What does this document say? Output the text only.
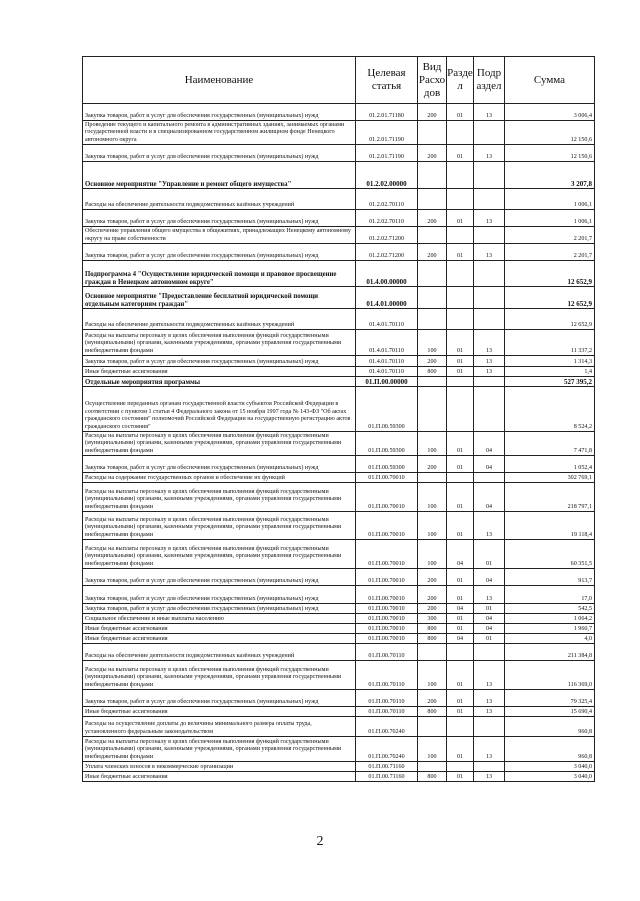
Наименование	Целевая статья	Вид Расхо дов	Разде л	Подр аздел	Сумма
Закупка товаров, работ и услуг для обеспечения государственных (муниципальных) нужд	01.2.01.71180	200	01	13	3 006,4
Проведение текущего и капитального ремонта в административных зданиях, занимаемых органами государственной власти и в специализированном государственном жилищном фонде Ненецкого автономного округа	01.2.01.71190				12 150,6
Закупка товаров, работ и услуг для обеспечения государственных (муниципальных) нужд	01.2.01.71190	200	01	13	12 150,6
Основное мероприятие "Управление и ремонт общего имущества"	01.2.02.00000				3 207,8
Расходы на обеспечение деятельности подведомственных казённых учреждений	01.2.02.70110				1 006,1
Закупка товаров, работ и услуг для обеспечения государственных (муниципальных) нужд	01.2.02.70110	200	01	13	1 006,1
Обеспечение управления общего имущества в общежитиях, принадлежащих Ненецкому автономному округу на праве собственности	01.2.02.71200				2 201,7
Закупка товаров, работ и услуг для обеспечения государственных (муниципальных) нужд	01.2.02.71200	200	01	13	2 201,7
Подпрограмма 4 "Осуществление юридической помощи и правовое просвещение граждан в Ненецком автономном округе"	01.4.00.00000				12 652,9
Основное мероприятие "Предоставление бесплатной юридической помощи отдельным категориям граждан"	01.4.01.00000				12 652,9
Расходы на обеспечение деятельности подведомственных казённых учреждений	01.4.01.70110				12 652,9
Расходы на выплаты персоналу в целях обеспечения выполнения функций государственными (муниципальными) органами, казенными учреждениями, органами управления государственными внебюджетными фондами	01.4.01.70110	100	01	13	11 337,2
Закупка товаров, работ и услуг для обеспечения государственных (муниципальных) нужд	01.4.01.70110	200	01	13	1 314,3
Иные бюджетные ассигнования	01.4.01.70110	800	01	13	1,4
Отдельные мероприятия программы	01.П.00.00000				527 395,2
Осуществление переданных органам государственной власти субъектов Российской Федерации в соответствии с пунктом 1 статьи 4 Федерального закона от 15 ноября 1997 года № 143-ФЗ "Об актах гражданского состояния" полномочий Российской Федерации на государственную регистрацию актов гражданского состояния"	01.П.00.59300				8 524,2
Расходы на выплаты персоналу в целях обеспечения выполнения функций государственными (муниципальными) органами, казенными учреждениями, органами управления государственными внебюджетными фондами	01.П.00.59300	100	01	04	7 471,8
Закупка товаров, работ и услуг для обеспечения государственных (муниципальных) нужд	01.П.00.59300	200	01	04	1 052,4
Расходы на содержание государственных органов и обеспечение их функций	01.П.00.70010				302 769,1
Расходы на выплаты персоналу в целях обеспечения выполнения функций государственными (муниципальными) органами, казенными учреждениями, органами управления государственными внебюджетными фондами	01.П.00.70010	100	01	04	218 797,1
Расходы на выплаты персоналу в целях обеспечения выполнения функций государственными (муниципальными) органами, казенными учреждениями, органами управления государственными внебюджетными фондами	01.П.00.70010	100	01	13	19 118,4
Расходы на выплаты персоналу в целях обеспечения выполнения функций государственными (муниципальными) органами, казенными учреждениями, органами управления государственными внебюджетными фондами	01.П.00.70010	100	04	01	60 351,5
Закупка товаров, работ и услуг для обеспечения государственных (муниципальных) нужд	01.П.00.70010	200	01	04	913,7
Закупка товаров, работ и услуг для обеспечения государственных (муниципальных) нужд	01.П.00.70010	200	01	13	17,0
Закупка товаров, работ и услуг для обеспечения государственных (муниципальных) нужд	01.П.00.70010	200	04	01	542,5
Социальное обеспечение и иные выплаты населению	01.П.00.70010	300	01	04	1 064,2
Иные бюджетные ассигнования	01.П.00.70010	800	01	04	1 960,7
Иные бюджетные ассигнования	01.П.00.70010	800	04	01	4,0
Расходы на обеспечение деятельности подведомственных казённых учреждений	01.П.00.70110				211 384,8
Расходы на выплаты персоналу в целях обеспечения выполнения функций государственными (муниципальными) органами, казенными учреждениями, органами управления государственными внебюджетными фондами	01.П.00.70110	100	01	13	116 369,0
Закупка товаров, работ и услуг для обеспечения государственных (муниципальных) нужд	01.П.00.70110	200	01	13	79 325,4
Иные бюджетные ассигнования	01.П.00.70110	800	01	13	15 690,4
Расходы на осуществление доплаты до величины минимального размера оплаты труда, установленного федеральным законодательством	01.П.00.70240				960,8
Расходы на выплаты персоналу в целях обеспечения выполнения функций государственными (муниципальными) органами, казенными учреждениями, органами управления государственными внебюджетными фондами	01.П.00.70240	100	01	13	960,8
Уплата членских взносов в некоммерческие организации	01.П.00.71160				3 040,0
Иные бюджетные ассигнования	01.П.00.71160	800	01	13	3 040,0
2
